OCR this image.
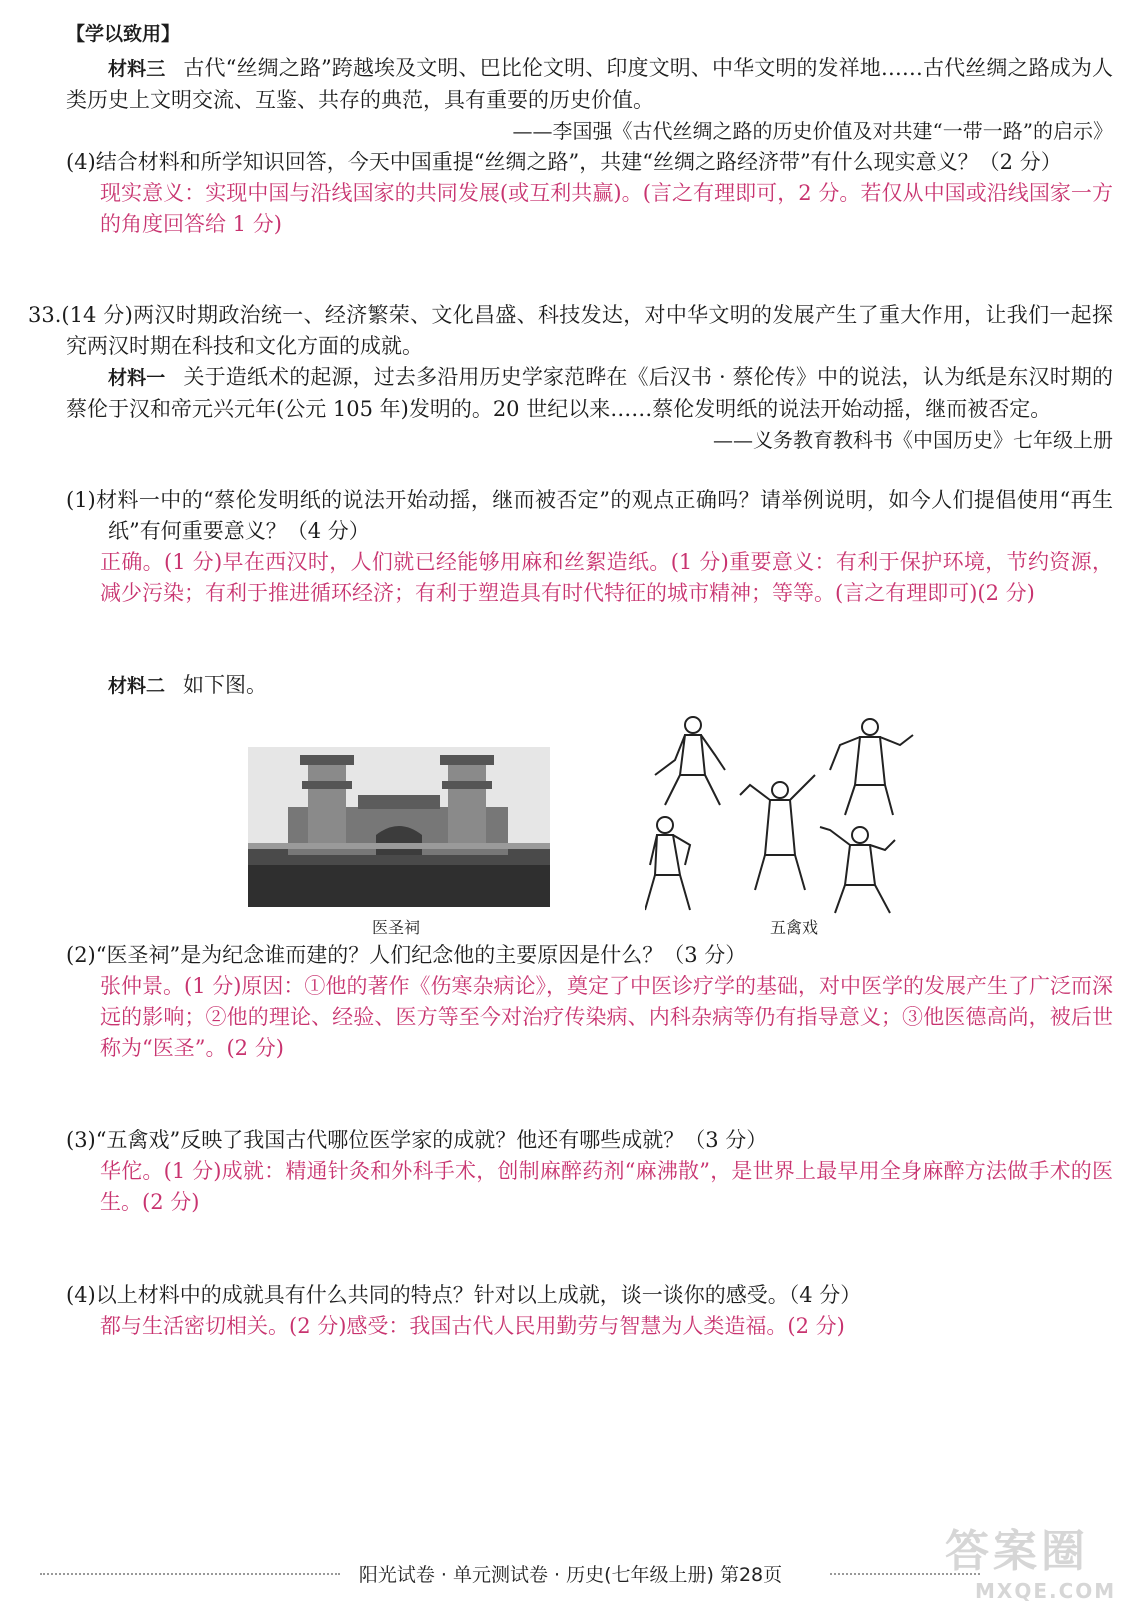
【学以致用】

材料三 古代“丝绸之路”跨越埃及文明、巴比伦文明、印度文明、中华文明的发祥地……古代丝绸之路成为人类历史上文明交流、互鉴、共存的典范，具有重要的历史价值。

——李国强《古代丝绸之路的历史价值及对共建“一带一路”的启示》

(4)结合材料和所学知识回答，今天中国重提“丝绸之路”，共建“丝绸之路经济带”有什么现实意义？（2 分）

现实意义：实现中国与沿线国家的共同发展(或互利共赢)。(言之有理即可，2 分。若仅从中国或沿线国家一方的角度回答给 1 分)

33.(14 分)两汉时期政治统一、经济繁荣、文化昌盛、科技发达，对中华文明的发展产生了重大作用，让我们一起探究两汉时期在科技和文化方面的成就。

材料一 关于造纸术的起源，过去多沿用历史学家范晔在《后汉书 · 蔡伦传》中的说法，认为纸是东汉时期的蔡伦于汉和帝元兴元年(公元 105 年)发明的。20 世纪以来……蔡伦发明纸的说法开始动摇，继而被否定。

——义务教育教科书《中国历史》七年级上册

(1)材料一中的“蔡伦发明纸的说法开始动摇，继而被否定”的观点正确吗？请举例说明，如今人们提倡使用“再生纸”有何重要意义？（4 分）

正确。(1 分)早在西汉时，人们就已经能够用麻和丝絮造纸。(1 分)重要意义：有利于保护环境，节约资源，减少污染；有利于推进循环经济；有利于塑造具有时代特征的城市精神；等等。(言之有理即可)(2 分)

材料二 如下图。

医圣祠	五禽戏

(2)“医圣祠”是为纪念谁而建的？人们纪念他的主要原因是什么？（3 分）

张仲景。(1 分)原因：①他的著作《伤寒杂病论》，奠定了中医诊疗学的基础，对中医学的发展产生了广泛而深远的影响；②他的理论、经验、医方等至今对治疗传染病、内科杂病等仍有指导意义；③他医德高尚，被后世称为“医圣”。(2 分)

(3)“五禽戏”反映了我国古代哪位医学家的成就？他还有哪些成就？（3 分）

华佗。(1 分)成就：精通针灸和外科手术，创制麻醉药剂“麻沸散”，是世界上最早用全身麻醉方法做手术的医生。(2 分)

(4)以上材料中的成就具有什么共同的特点？针对以上成就，谈一谈你的感受。（4 分）

都与生活密切相关。(2 分)感受：我国古代人民用勤劳与智慧为人类造福。(2 分)

阳光试卷 · 单元测试卷 · 历史(七年级上册) 第28页	答案圈
MXQE.COM
